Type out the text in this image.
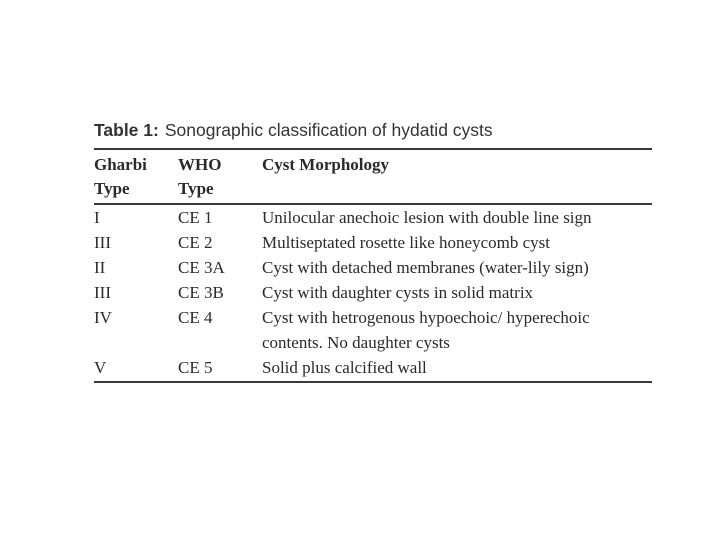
Table 1: Sonographic classification of hydatid cysts
Gharbi	WHO	Cyst Morphology
Type	Type	
I	CE 1	Unilocular anechoic lesion with double line sign
III	CE 2	Multiseptated rosette like honeycomb cyst
II	CE 3A	Cyst with detached membranes (water-lily sign)
III	CE 3B	Cyst with daughter cysts in solid matrix
IV	CE 4	Cyst with hetrogenous hypoechoic/ hyperechoic
		contents. No daughter cysts
V	CE 5	Solid plus calcified wall
